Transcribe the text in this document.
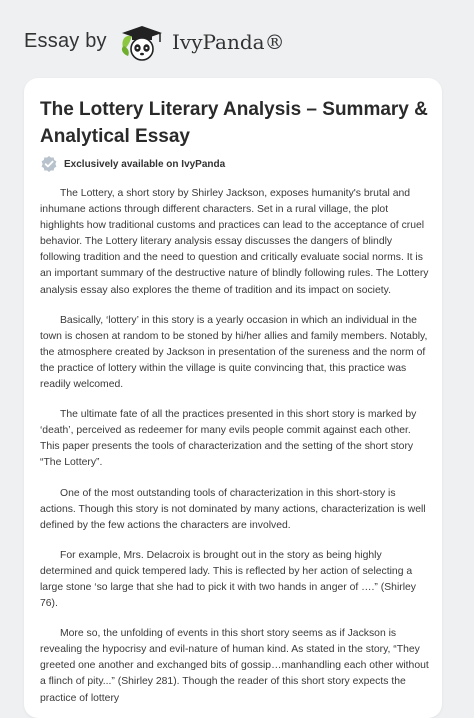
Essay by	IvyPanda®
The Lottery Literary Analysis – Summary & Analytical Essay
Exclusively available on IvyPanda

The Lottery, a short story by Shirley Jackson, exposes humanity's brutal and inhumane actions through different characters. Set in a rural village, the plot highlights how traditional customs and practices can lead to the acceptance of cruel behavior. The Lottery literary analysis essay discusses the dangers of blindly following tradition and the need to question and critically evaluate social norms. It is an important summary of the destructive nature of blindly following rules. The Lottery analysis essay also explores the theme of tradition and its impact on society.

Basically, ‘lottery’ in this story is a yearly occasion in which an individual in the town is chosen at random to be stoned by hi/her allies and family members. Notably, the atmosphere created by Jackson in presentation of the sureness and the norm of the practice of lottery within the village is quite convincing that, this practice was readily welcomed.

The ultimate fate of all the practices presented in this short story is marked by ‘death’, perceived as redeemer for many evils people commit against each other. This paper presents the tools of characterization and the setting of the short story “The Lottery”.

One of the most outstanding tools of characterization in this short-story is actions. Though this story is not dominated by many actions, characterization is well defined by the few actions the characters are involved.

For example, Mrs. Delacroix is brought out in the story as being highly determined and quick tempered lady. This is reflected by her action of selecting a large stone ‘so large that she had to pick it with two hands in anger of ….” (Shirley 76).

More so, the unfolding of events in this short story seems as if Jackson is revealing the hypocrisy and evil-nature of human kind. As stated in the story, “They greeted one another and exchanged bits of gossip…manhandling each other without a flinch of pity...” (Shirley 281). Though the reader of this short story expects the practice of lottery
